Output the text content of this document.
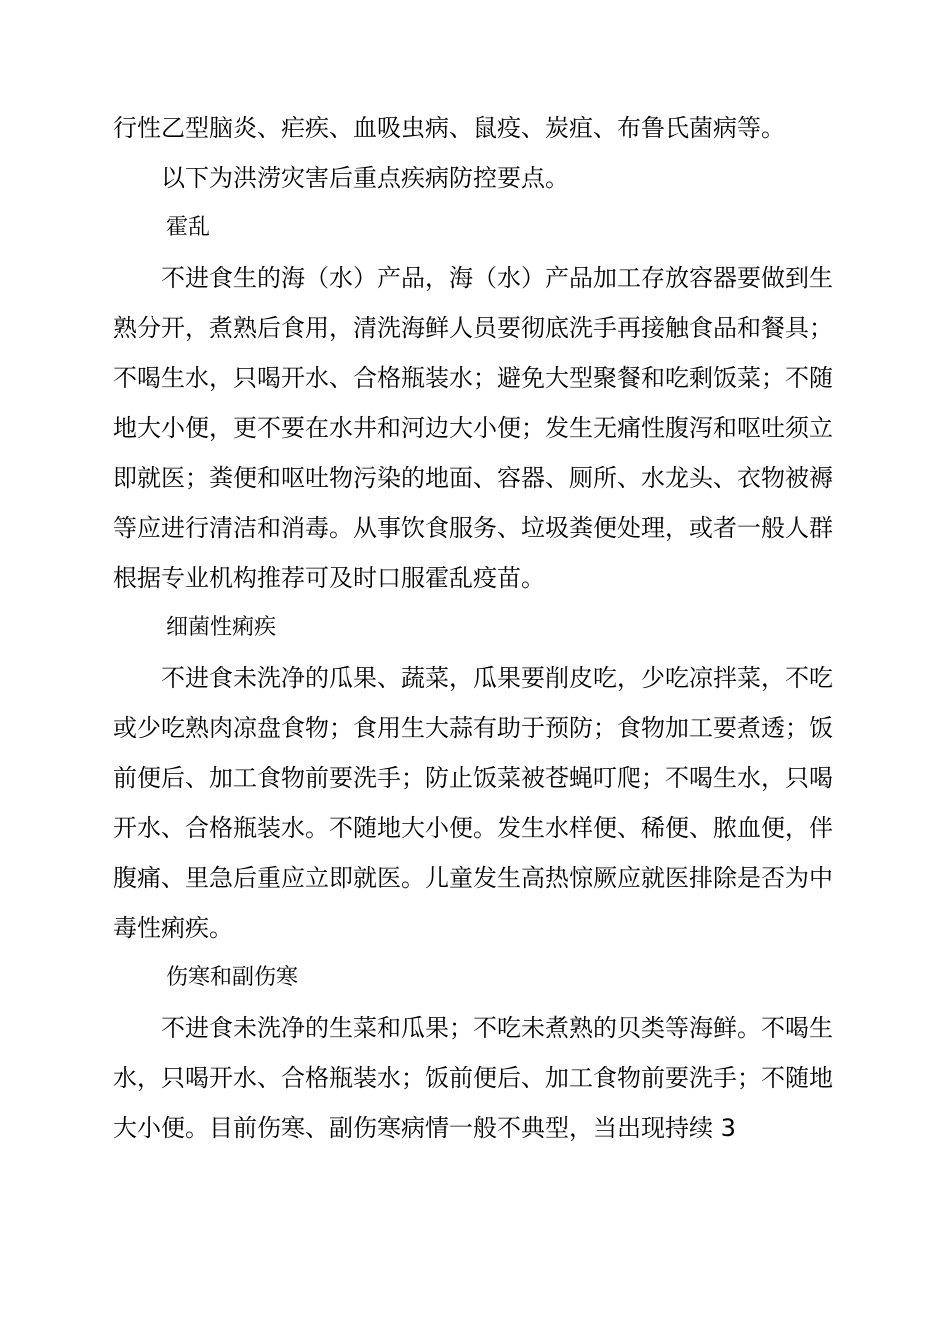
行性乙型脑炎、疟疾、血吸虫病、鼠疫、炭疽、布鲁氏菌病等。

以下为洪涝灾害后重点疾病防控要点。

霍乱

不进食生的海（水）产品，海（水）产品加工存放容器要做到生熟分开，煮熟后食用，清洗海鲜人员要彻底洗手再接触食品和餐具；不喝生水，只喝开水、合格瓶装水；避免大型聚餐和吃剩饭菜；不随地大小便，更不要在水井和河边大小便；发生无痛性腹泻和呕吐须立即就医；粪便和呕吐物污染的地面、容器、厕所、水龙头、衣物被褥等应进行清洁和消毒。从事饮食服务、垃圾粪便处理，或者一般人群根据专业机构推荐可及时口服霍乱疫苗。

细菌性痢疾

不进食未洗净的瓜果、蔬菜，瓜果要削皮吃，少吃凉拌菜，不吃或少吃熟肉凉盘食物；食用生大蒜有助于预防；食物加工要煮透；饭前便后、加工食物前要洗手；防止饭菜被苍蝇叮爬；不喝生水，只喝开水、合格瓶装水。不随地大小便。发生水样便、稀便、脓血便，伴腹痛、里急后重应立即就医。儿童发生高热惊厥应就医排除是否为中毒性痢疾。

伤寒和副伤寒

不进食未洗净的生菜和瓜果；不吃未煮熟的贝类等海鲜。不喝生水，只喝开水、合格瓶装水；饭前便后、加工食物前要洗手；不随地大小便。目前伤寒、副伤寒病情一般不典型，当出现持续 3
